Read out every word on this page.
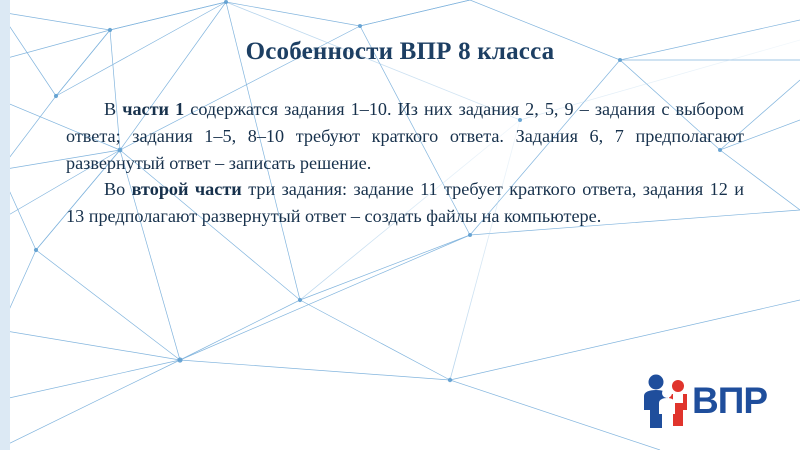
Особенности ВПР 8 класса

В части 1 содержатся задания 1–10. Из них задания 2, 5, 9 – задания с выбором ответа; задания 1–5, 8–10 требуют краткого ответа. Задания 6, 7 предполагают развернутый ответ – записать решение.

Во второй части три задания: задание 11 требует краткого ответа, задания 12 и 13 предполагают развернутый ответ – создать файлы на компьютере.

ВПР
